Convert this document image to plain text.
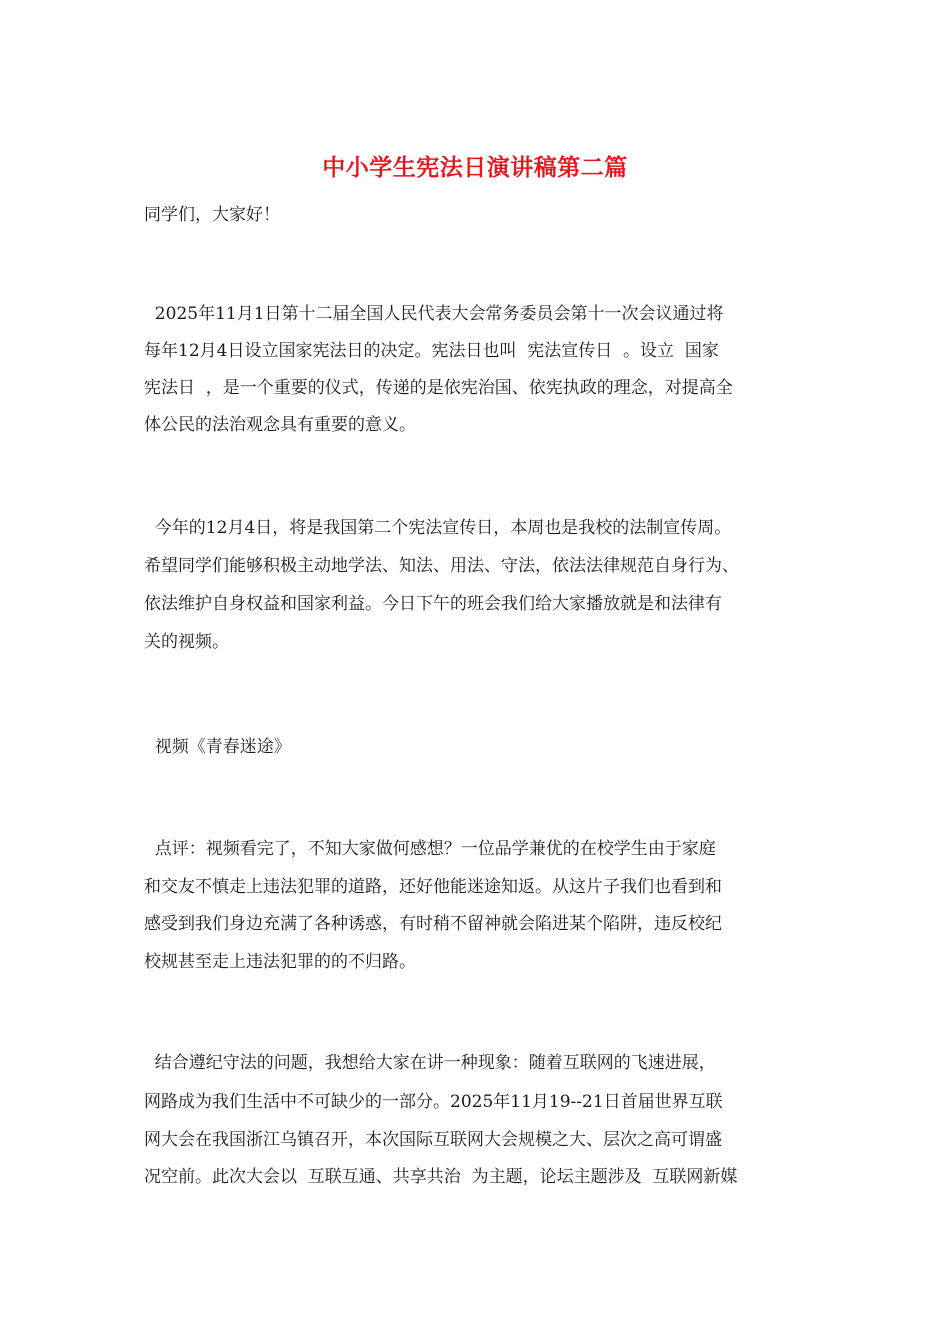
中小学生宪法日演讲稿第二篇
同学们，大家好！
2025年11月1日第十二届全国人民代表大会常务委员会第十一次会议通过将
每年12月4日设立国家宪法日的决定。宪法日也叫  宪法宣传日  。设立  国家
宪法日  ，是一个重要的仪式，传递的是依宪治国、依宪执政的理念，对提高全
体公民的法治观念具有重要的意义。
今年的12月4日，将是我国第二个宪法宣传日，本周也是我校的法制宣传周。
希望同学们能够积极主动地学法、知法、用法、守法，依法法律规范自身行为、
依法维护自身权益和国家利益。今日下午的班会我们给大家播放就是和法律有
关的视频。
视频《青春迷途》
点评：视频看完了，不知大家做何感想？一位品学兼优的在校学生由于家庭
和交友不慎走上违法犯罪的道路，还好他能迷途知返。从这片子我们也看到和
感受到我们身边充满了各种诱惑，有时稍不留神就会陷进某个陷阱，违反校纪
校规甚至走上违法犯罪的的不归路。
结合遵纪守法的问题，我想给大家在讲一种现象：随着互联网的飞速进展，
网路成为我们生活中不可缺少的一部分。2025年11月19--21日首届世界互联
网大会在我国浙江乌镇召开，本次国际互联网大会规模之大、层次之高可谓盛
况空前。此次大会以  互联互通、共享共治  为主题，论坛主题涉及  互联网新媒
